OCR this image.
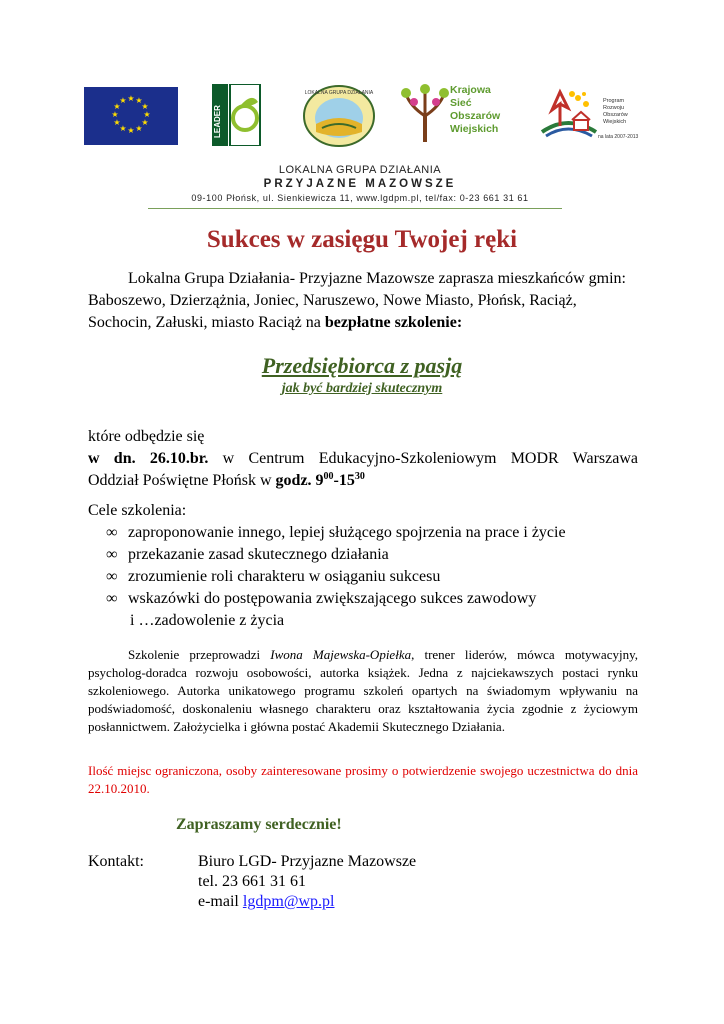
★ ★
★
★
★
★
★
★
★
★
★
★
LEADER
LOKALNA GRUPA DZIAŁANIA	Krajowa
Sieć
Obszarów
Wiejskich
Program
Rozwoju
Obszarów
Wiejskich
na lata 2007-2013
LOKALNA GRUPA DZIAŁANIA
PRZYJAZNE MAZOWSZE
09-100 Płońsk, ul. Sienkiewicza 11, www.lgdpm.pl, tel/fax: 0-23 661 31 61
Sukces w zasięgu Twojej ręki
Lokalna Grupa Działania- Przyjazne Mazowsze zaprasza mieszkańców gmin: Baboszewo, Dzierzążnia, Joniec, Naruszewo, Nowe Miasto, Płońsk, Raciąż, Sochocin, Załuski, miasto Raciąż na bezpłatne szkolenie:
Przedsiębiorca z pasją
jak być bardziej skutecznym
które odbędzie się
w dn. 26.10.br. w Centrum Edukacyjno-Szkoleniowym MODR Warszawa
Oddział Poświętne Płońsk w godz. $9^{00}-15^{30}$
Cele szkolenia:
∞ zaproponowanie innego, lepiej służącego spojrzenia na prace i życie
∞ przekazanie zasad skutecznego działania
∞ zrozumienie roli charakteru w osiąganiu sukcesu
∞ wskazówki do postępowania zwiększającego sukces zawodowy
i …zadowolenie z życia
Szkolenie przeprowadzi Iwona Majewska-Opiełka, trener liderów, mówca motywacyjny, psycholog-doradca rozwoju osobowości, autorka książek. Jedna z najciekawszych postaci rynku szkoleniowego. Autorka unikatowego programu szkoleń opartych na świadomym wpływaniu na podświadomość, doskonaleniu własnego charakteru oraz kształtowania życia zgodnie z życiowym posłannictwem. Założycielka i główna postać Akademii Skutecznego Działania.
Ilość miejsc ograniczona, osoby zainteresowane prosimy o potwierdzenie swojego uczestnictwa do dnia 22.10.2010.
Zapraszamy serdecznie!
Kontakt:	Biuro LGD- Przyjazne Mazowsze
tel. 23 661 31 61
e-mail lgdpm@wp.pl
